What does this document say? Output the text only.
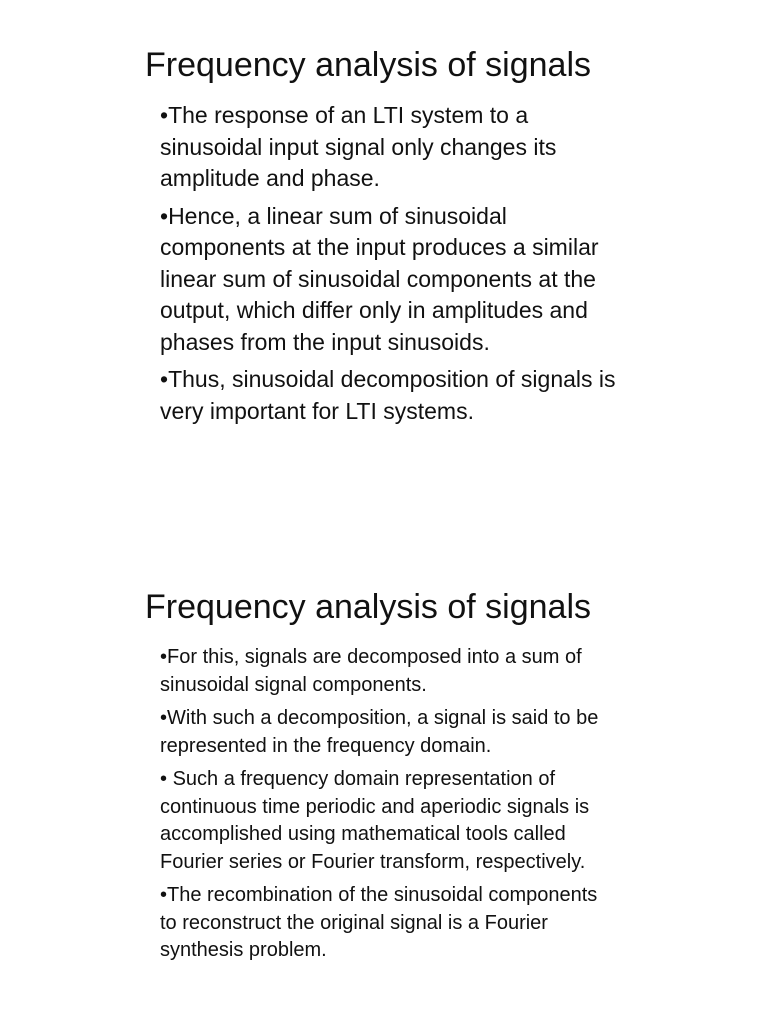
Frequency analysis of signals
•The response of an LTI system to a sinusoidal input signal only changes its amplitude and phase.
•Hence, a linear sum of sinusoidal components at the input produces a similar linear sum of sinusoidal components at the output, which differ only in amplitudes and phases from the input sinusoids.
•Thus, sinusoidal decomposition of signals is very important for LTI systems.
Frequency analysis of signals
•For this, signals are decomposed into a sum of sinusoidal signal components.
•With such a decomposition, a signal is said to be represented in the frequency domain.
• Such a frequency domain representation of continuous time periodic and aperiodic signals is accomplished using mathematical tools called Fourier series or Fourier transform, respectively.
•The recombination of the sinusoidal components to reconstruct the original signal is a Fourier synthesis problem.
